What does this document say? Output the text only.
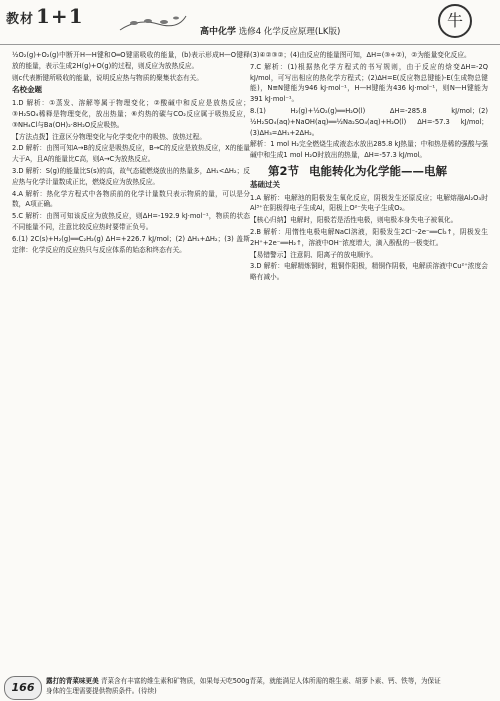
教材 1+1
高中化学 选修4 化学反应原理(LK版)
牛

½O₂(g)+O₂(g)中断开H—H键和O═O键需吸收的能量，(b)表示形成H—O键释放的能量，表示生成2H(g)+O(g)的过程，则反应为放热反应。

则c代表断键所吸收的能量，说明反应热与物质的聚集状态有关。

名校金题

1.D 解析：①蒸发、溶解等属于物理变化；②酸碱中和反应是放热反应；③H₂SO₄稀释是物理变化，放出热量；⑥灼热的碳与CO₂反应属于吸热反应，③NH₄Cl与Ba(OH)₂·8H₂O反应吸热。

【方法点拨】注意区分物理变化与化学变化中的吸热、放热过程。

2.D 解析：由图可知A→B的反应是吸热反应，B→C的反应是放热反应，X的能量大于A，且A的能量比C高，则A→C为放热反应。

3.D 解析：S(g)的能量比S(s)的高，故气态硫燃烧放出的热量多，ΔH₁<ΔH₂；反应热与化学计量数成正比，燃烧反应为放热反应。

4.A 解析：热化学方程式中各物质前的化学计量数只表示物质的量，可以是分数，A项正确。

5.C 解析：由图可知该反应为放热反应，则ΔH=-192.9 kJ·mol⁻¹，物质的状态不同能量不同，注意比较反应热时要带正负号。

6.(1) 2C(s)+H₂(g)══C₂H₂(g) ΔH=+226.7 kJ/mol；(2) ΔH₁+ΔH₂；(3) 盖斯定律：化学反应的反应热只与反应体系的始态和终态有关。

(3)④②③②；(4)由反应的能量图可知，ΔH=(③+②)，②为能量变化反应。

7.C 解析：(1)根据热化学方程式的书写规则，由于反应的焓变ΔH=-2Q kJ/mol，可写出相应的热化学方程式；(2)ΔH=E(反应物总键能)-E(生成物总键能)，N≡N键能为946 kJ·mol⁻¹，H—H键能为436 kJ·mol⁻¹，则N—H键能为391 kJ·mol⁻¹。

8.(1) H₂(g)+½O₂(g)══H₂O(l) ΔH=-285.8 kJ/mol；(2) ½H₂SO₄(aq)+NaOH(aq)══½Na₂SO₄(aq)+H₂O(l) ΔH=-57.3 kJ/mol；(3)ΔH₃=ΔH₁+2ΔH₂。

解析：1 mol H₂完全燃烧生成液态水放出285.8 kJ热量；中和热是稀的强酸与强碱中和生成1 mol H₂O时放出的热量，ΔH=-57.3 kJ/mol。

第2节 电能转化为化学能——电解
基础过关

1.A 解析：电解池的阳极发生氧化反应，阴极发生还原反应；电解熔融Al₂O₃时Al³⁺在阴极得电子生成Al，阳极上O²⁻失电子生成O₂。

【核心归纳】电解时，阳极若是活性电极，则电极本身失电子被氧化。

2.B 解析：用惰性电极电解NaCl溶液，阳极发生2Cl⁻-2e⁻══Cl₂↑，阴极发生2H⁺+2e⁻══H₂↑，溶液中OH⁻浓度增大，滴入酚酞的一极变红。

【易错警示】注意阴、阳离子的放电顺序。

3.D 解析：电解精炼铜时，粗铜作阳极，精铜作阴极，电解质溶液中Cu²⁺浓度会略有减小。

166	露打的青菜味更美 青菜含有丰富的维生素和矿物质，如果每天吃500g青菜，就能满足人体所需的维生素、胡萝卜素、钙、铁等，为保证身体的生理需要提供物质条件。(待续)
